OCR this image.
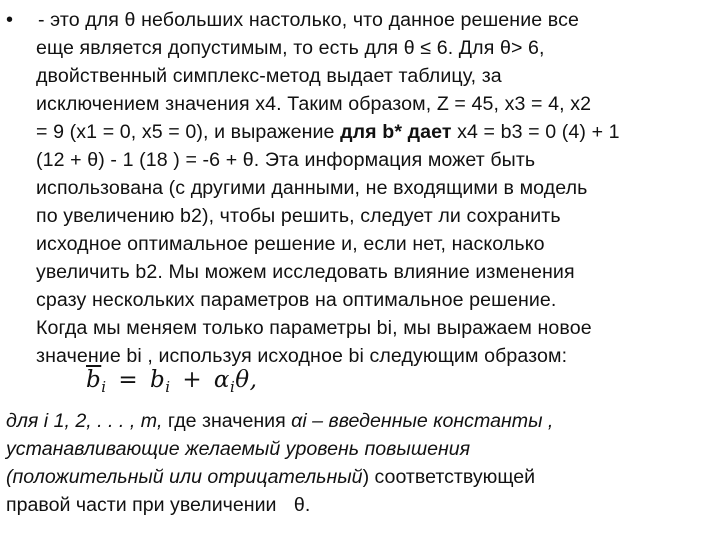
• - это для θ небольших настолько, что данное решение все
еще является допустимым, то есть для θ ≤ 6. Для θ> 6,
двойственный симплекс-метод выдает таблицу, за
исключением значения x4. Таким образом, Z = 45, x3 = 4, x2
= 9 (x1 = 0, x5 = 0), и выражение для b* дает x4 = b3 = 0 (4) + 1
(12 + θ) - 1 (18 ) = -6 + θ. Эта информация может быть
использована (с другими данными, не входящими в модель
по увеличению b2), чтобы решить, следует ли сохранить
исходное оптимальное решение и, если нет, насколько
увеличить b2. Мы можем исследовать влияние изменения
сразу нескольких параметров на оптимальное решение.
Когда мы меняем только параметры bi, мы выражаем новое
значение bi , используя исходное bi следующим образом:
$\overline{b}_i = b_i + \alpha_i\theta$,
для i 1, 2, . . . , m, где значения αi – введенные константы ,
устанавливающие желаемый уровень повышения
(положительный или отрицательный) соответствующей
правой части при увеличении θ.
